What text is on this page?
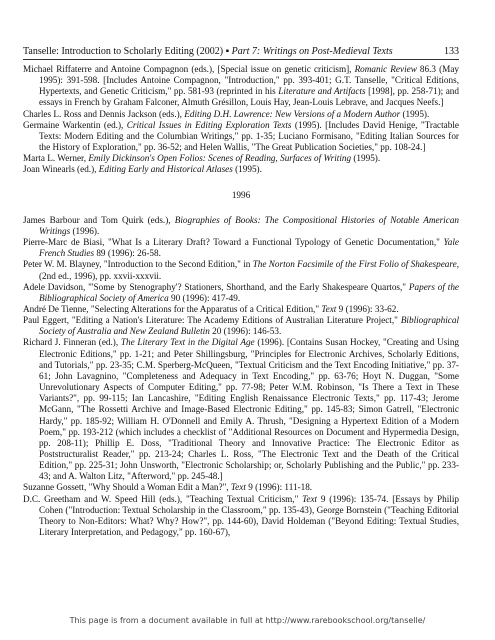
Tanselle: Introduction to Scholarly Editing (2002) ▪ Part 7: Writings on Post-Medieval Texts	133

Michael Riffaterre and Antoine Compagnon (eds.), [Special issue on genetic criticism], Romanic Review 86.3 (May 1995): 391-598. [Includes Antoine Compagnon, "Introduction," pp. 393-401; G.T. Tanselle, "Critical Editions, Hypertexts, and Genetic Criticism," pp. 581-93 (reprinted in his Literature and Artifacts [1998], pp. 258-71); and essays in French by Graham Falconer, Almuth Grésillon, Louis Hay, Jean-Louis Lebrave, and Jacques Neefs.]

Charles L. Ross and Dennis Jackson (eds.), Editing D.H. Lawrence: New Versions of a Modern Author (1995).

Germaine Warkentin (ed.), Critical Issues in Editing Exploration Texts (1995). [Includes David Henige, "Tractable Texts: Modern Editing and the Columbian Writings," pp. 1-35; Luciano Formisano, "Editing Italian Sources for the History of Exploration," pp. 36-52; and Helen Wallis, "The Great Publication Societies," pp. 108-24.]

Marta L. Werner, Emily Dickinson's Open Folios: Scenes of Reading, Surfaces of Writing (1995).

Joan Winearls (ed.), Editing Early and Historical Atlases (1995).

1996

James Barbour and Tom Quirk (eds.), Biographies of Books: The Compositional Histories of Notable American Writings (1996).

Pierre-Marc de Biasi, "What Is a Literary Draft? Toward a Functional Typology of Genetic Documentation," Yale French Studies 89 (1996): 26-58.

Peter W. M. Blayney, "Introduction to the Second Edition," in The Norton Facsimile of the First Folio of Shakespeare, (2nd ed., 1996), pp. xxvii-xxxvii.

Adele Davidson, "'Some by Stenography'? Stationers, Shorthand, and the Early Shakespeare Quartos," Papers of the Bibliographical Society of America 90 (1996): 417-49.

André De Tienne, "Selecting Alterations for the Apparatus of a Critical Edition," Text 9 (1996): 33-62.

Paul Eggert, "Editing a Nation's Literature: The Academy Editions of Australian Literature Project," Bibliographical Society of Australia and New Zealand Bulletin 20 (1996): 146-53.

Richard J. Finneran (ed.), The Literary Text in the Digital Age (1996). [Contains Susan Hockey, "Creating and Using Electronic Editions," pp. 1-21; and Peter Shillingsburg, "Principles for Electronic Archives, Scholarly Editions, and Tutorials," pp. 23-35; C.M. Sperberg-McQueen, "Textual Criticism and the Text Encoding Initiative," pp. 37-61; John Lavagnino, "Completeness and Adequacy in Text Encoding," pp. 63-76; Hoyt N. Duggan, "Some Unrevolutionary Aspects of Computer Editing," pp. 77-98; Peter W.M. Robinson, "Is There a Text in These Variants?", pp. 99-115; Ian Lancashire, "Editing English Renaissance Electronic Texts," pp. 117-43; Jerome McGann, "The Rossetti Archive and Image-Based Electronic Editing," pp. 145-83; Simon Gatrell, "Electronic Hardy," pp. 185-92; William H. O'Donnell and Emily A. Thrush, "Designing a Hypertext Edition of a Modern Poem," pp. 193-212 (which includes a checklist of "Additional Resources on Document and Hypermedia Design, pp. 208-11); Phillip E. Doss, "Traditional Theory and Innovative Practice: The Electronic Editor as Poststructuralist Reader," pp. 213-24; Charles L. Ross, "The Electronic Text and the Death of the Critical Edition," pp. 225-31; John Unsworth, "Electronic Scholarship; or, Scholarly Publishing and the Public," pp. 233-43; and A. Walton Litz, "Afterword," pp. 245-48.]

Suzanne Gossett, "Why Should a Woman Edit a Man?", Text 9 (1996): 111-18.

D.C. Greetham and W. Speed Hill (eds.), "Teaching Textual Criticism," Text 9 (1996): 135-74. [Essays by Philip Cohen ("Introduction: Textual Scholarship in the Classroom," pp. 135-43), George Bornstein ("Teaching Editorial Theory to Non-Editors: What? Why? How?", pp. 144-60), David Holdeman ("Beyond Editing: Textual Studies, Literary Interpretation, and Pedagogy," pp. 160-67),

This page is from a document available in full at http://www.rarebookschool.org/tanselle/
